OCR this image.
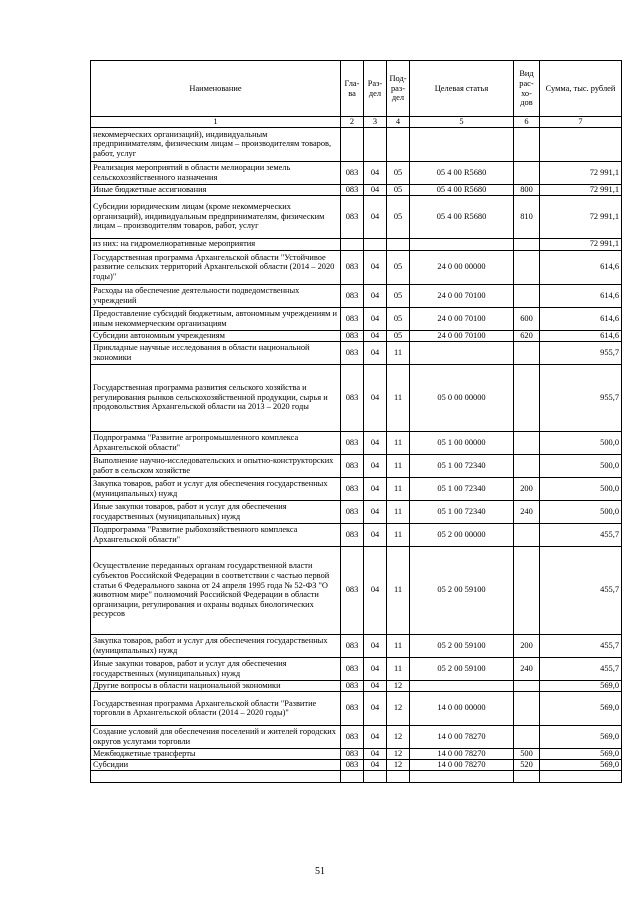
Наименование	Гла-ва	Раз-дел	Под-раз-дел	Целевая статья	Вид рас-хо-дов	Сумма, тыс. рублей
1	2	3	4	5	6	7
некоммерческих организаций), индивидуальным предпринимателям, физическим лицам – производителям товаров, работ, услуг						
Реализация мероприятий в области мелиорации земель сельскохозяйственного назначения	083	04	05	05 4 00 R5680		72 991,1
Иные бюджетные ассигнования	083	04	05	05 4 00 R5680	800	72 991,1
Субсидии юридическим лицам (кроме некоммерческих организаций), индивидуальным предпринимателям, физическим лицам – производителям товаров, работ, услуг	083	04	05	05 4 00 R5680	810	72 991,1
из них: на гидромелиоративные мероприятия						72 991,1
Государственная программа Архангельской области "Устойчивое развитие сельских территорий Архангельской области (2014 – 2020 годы)"	083	04	05	24 0 00 00000		614,6
Расходы на обеспечение деятельности подведомственных учреждений	083	04	05	24 0 00 70100		614,6
Предоставление субсидий бюджетным, автономным учреждениям и иным некоммерческим организациям	083	04	05	24 0 00 70100	600	614,6
Субсидии автономным учреждениям	083	04	05	24 0 00 70100	620	614,6
Прикладные научные исследования в области национальной экономики	083	04	11			955,7
Государственная программа развития сельского хозяйства и регулирования рынков сельскохозяйственной продукции, сырья и продовольствия Архангельской области на 2013 – 2020 годы	083	04	11	05 0 00 00000		955,7
Подпрограмма "Развитие агропромышленного комплекса Архангельской области"	083	04	11	05 1 00 00000		500,0
Выполнение научно-исследовательских и опытно-конструкторских работ в сельском хозяйстве	083	04	11	05 1 00 72340		500,0
Закупка товаров, работ и услуг для обеспечения государственных (муниципальных) нужд	083	04	11	05 1 00 72340	200	500,0
Иные закупки товаров, работ и услуг для обеспечения государственных (муниципальных) нужд	083	04	11	05 1 00 72340	240	500,0
Подпрограмма "Развитие рыбохозяйственного комплекса Архангельской области"	083	04	11	05 2 00 00000		455,7
Осуществление переданных органам государственной власти субъектов Российской Федерации в соответствии с частью первой статьи 6 Федерального закона от 24 апреля 1995 года № 52-ФЗ "О животном мире" полномочий Российской Федерации в области организации, регулирования и охраны водных биологических ресурсов	083	04	11	05 2 00 59100		455,7
Закупка товаров, работ и услуг для обеспечения государственных (муниципальных) нужд	083	04	11	05 2 00 59100	200	455,7
Иные закупки товаров, работ и услуг для обеспечения государственных (муниципальных) нужд	083	04	11	05 2 00 59100	240	455,7
Другие вопросы в области национальной экономики	083	04	12			569,0
Государственная программа Архангельской области "Развитие торговли в Архангельской области (2014 – 2020 годы)"	083	04	12	14 0 00 00000		569,0
Создание условий для обеспечения поселений и жителей городских округов услугами торговли	083	04	12	14 0 00 78270		569,0
Межбюджетные трансферты	083	04	12	14 0 00 78270	500	569,0
Субсидии	083	04	12	14 0 00 78270	520	569,0

51
